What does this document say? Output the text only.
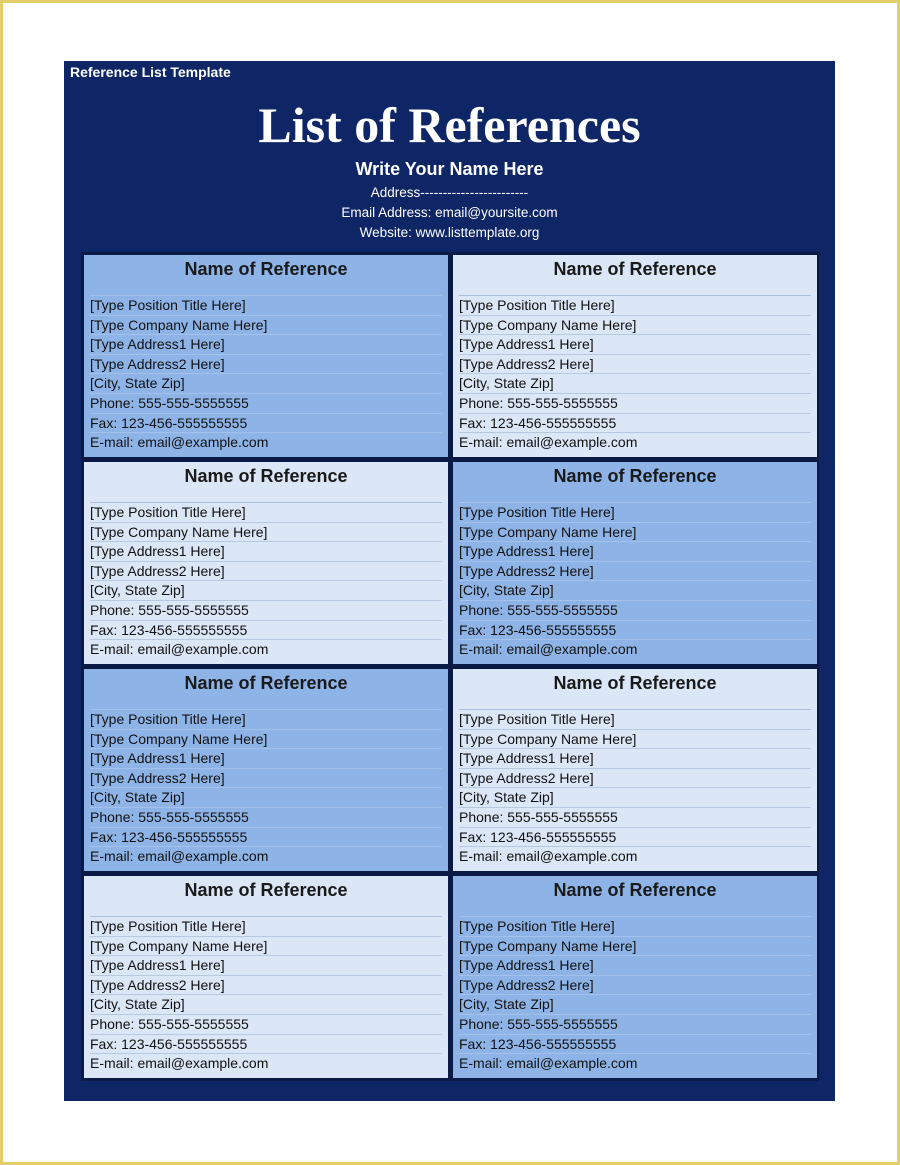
Reference List Template
List of References
Write Your Name Here
Address------------------------
Email Address: email@yoursite.com
Website: www.listtemplate.org
Name of Reference
[Type Position Title Here]
[Type Company Name Here]
[Type Address1 Here]
[Type Address2 Here]
[City, State Zip]
Phone: 555-555-5555555
Fax: 123-456-555555555
E-mail: email@example.com
Name of Reference
[Type Position Title Here]
[Type Company Name Here]
[Type Address1 Here]
[Type Address2 Here]
[City, State Zip]
Phone: 555-555-5555555
Fax: 123-456-555555555
E-mail: email@example.com
Name of Reference
[Type Position Title Here]
[Type Company Name Here]
[Type Address1 Here]
[Type Address2 Here]
[City, State Zip]
Phone: 555-555-5555555
Fax: 123-456-555555555
E-mail: email@example.com
Name of Reference
[Type Position Title Here]
[Type Company Name Here]
[Type Address1 Here]
[Type Address2 Here]
[City, State Zip]
Phone: 555-555-5555555
Fax: 123-456-555555555
E-mail: email@example.com
Name of Reference
[Type Position Title Here]
[Type Company Name Here]
[Type Address1 Here]
[Type Address2 Here]
[City, State Zip]
Phone: 555-555-5555555
Fax: 123-456-555555555
E-mail: email@example.com
Name of Reference
[Type Position Title Here]
[Type Company Name Here]
[Type Address1 Here]
[Type Address2 Here]
[City, State Zip]
Phone: 555-555-5555555
Fax: 123-456-555555555
E-mail: email@example.com
Name of Reference
[Type Position Title Here]
[Type Company Name Here]
[Type Address1 Here]
[Type Address2 Here]
[City, State Zip]
Phone: 555-555-5555555
Fax: 123-456-555555555
E-mail: email@example.com
Name of Reference
[Type Position Title Here]
[Type Company Name Here]
[Type Address1 Here]
[Type Address2 Here]
[City, State Zip]
Phone: 555-555-5555555
Fax: 123-456-555555555
E-mail: email@example.com
